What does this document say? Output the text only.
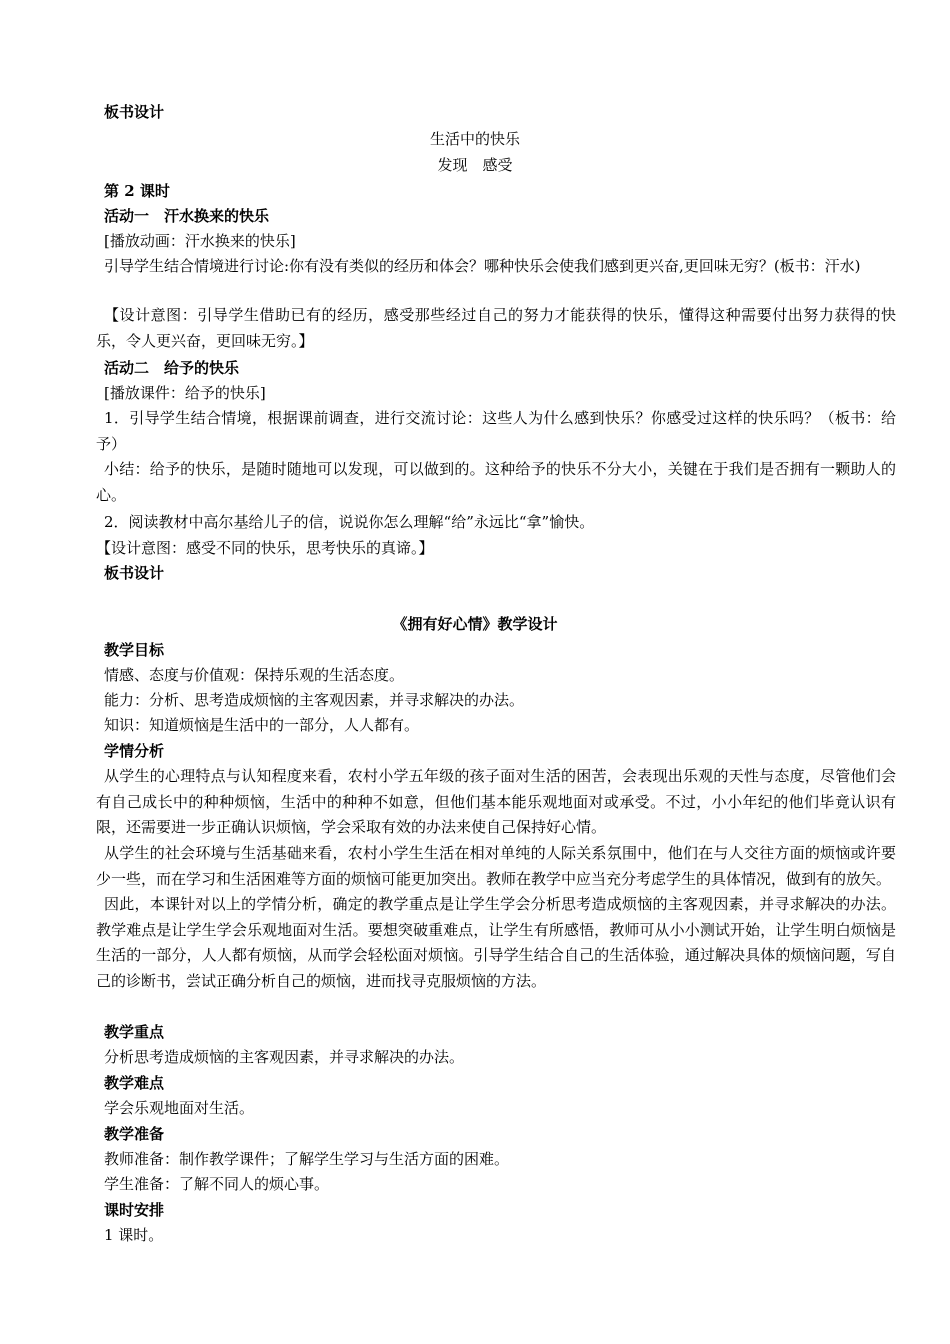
板书设计
生活中的快乐
发现　感受
第 2 课时
活动一　汗水换来的快乐
[播放动画：汗水换来的快乐]
引导学生结合情境进行讨论:你有没有类似的经历和体会？哪种快乐会使我们感到更兴奋,更回味无穷？(板书：汗水)
【设计意图：引导学生借助已有的经历，感受那些经过自己的努力才能获得的快乐，懂得这种需要付出努力获得的快乐，令人更兴奋，更回味无穷。】
活动二　给予的快乐
[播放课件：给予的快乐]
1．引导学生结合情境，根据课前调查，进行交流讨论：这些人为什么感到快乐？你感受过这样的快乐吗？（板书：给予）
小结：给予的快乐，是随时随地可以发现，可以做到的。这种给予的快乐不分大小，关键在于我们是否拥有一颗助人的心。
2．阅读教材中高尔基给儿子的信，说说你怎么理解“给”永远比“拿”愉快。
【设计意图：感受不同的快乐，思考快乐的真谛。】
板书设计
《拥有好心情》教学设计
教学目标
情感、态度与价值观：保持乐观的生活态度。
能力：分析、思考造成烦恼的主客观因素，并寻求解决的办法。
知识：知道烦恼是生活中的一部分，人人都有。
学情分析
从学生的心理特点与认知程度来看，农村小学五年级的孩子面对生活的困苦，会表现出乐观的天性与态度，尽管他们会有自己成长中的种种烦恼，生活中的种种不如意，但他们基本能乐观地面对或承受。不过，小小年纪的他们毕竟认识有限，还需要进一步正确认识烦恼，学会采取有效的办法来使自己保持好心情。
从学生的社会环境与生活基础来看，农村小学生生活在相对单纯的人际关系氛围中，他们在与人交往方面的烦恼或许要少一些，而在学习和生活困难等方面的烦恼可能更加突出。教师在教学中应当充分考虑学生的具体情况，做到有的放矢。
因此，本课针对以上的学情分析，确定的教学重点是让学生学会分析思考造成烦恼的主客观因素，并寻求解决的办法。教学难点是让学生学会乐观地面对生活。要想突破重难点，让学生有所感悟，教师可从小小测试开始，让学生明白烦恼是生活的一部分，人人都有烦恼，从而学会轻松面对烦恼。引导学生结合自己的生活体验，通过解决具体的烦恼问题，写自己的诊断书，尝试正确分析自己的烦恼，进而找寻克服烦恼的方法。
教学重点
分析思考造成烦恼的主客观因素，并寻求解决的办法。
教学难点
学会乐观地面对生活。
教学准备
教师准备：制作教学课件；了解学生学习与生活方面的困难。
学生准备：了解不同人的烦心事。
课时安排
1 课时。
